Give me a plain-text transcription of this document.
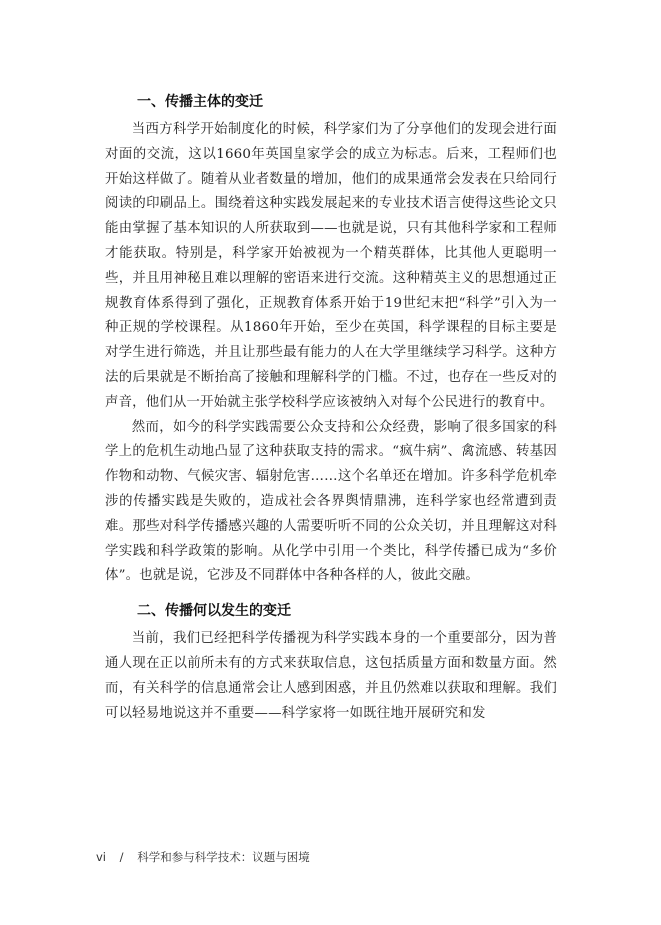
一、传播主体的变迁

当西方科学开始制度化的时候，科学家们为了分享他们的发现会进行面对面的交流，这以1660年英国皇家学会的成立为标志。后来，工程师们也开始这样做了。随着从业者数量的增加，他们的成果通常会发表在只给同行阅读的印刷品上。围绕着这种实践发展起来的专业技术语言使得这些论文只能由掌握了基本知识的人所获取到——也就是说，只有其他科学家和工程师才能获取。特别是，科学家开始被视为一个精英群体，比其他人更聪明一些，并且用神秘且难以理解的密语来进行交流。这种精英主义的思想通过正规教育体系得到了强化，正规教育体系开始于19世纪末把“科学”引入为一种正规的学校课程。从1860年开始，至少在英国，科学课程的目标主要是对学生进行筛选，并且让那些最有能力的人在大学里继续学习科学。这种方法的后果就是不断抬高了接触和理解科学的门槛。不过，也存在一些反对的声音，他们从一开始就主张学校科学应该被纳入对每个公民进行的教育中。

然而，如今的科学实践需要公众支持和公众经费，影响了很多国家的科学上的危机生动地凸显了这种获取支持的需求。“疯牛病”、禽流感、转基因作物和动物、气候灾害、辐射危害……这个名单还在增加。许多科学危机牵涉的传播实践是失败的，造成社会各界舆情鼎沸，连科学家也经常遭到责难。那些对科学传播感兴趣的人需要听听不同的公众关切，并且理解这对科学实践和科学政策的影响。从化学中引用一个类比，科学传播已成为“多价体”。也就是说，它涉及不同群体中各种各样的人，彼此交融。

二、传播何以发生的变迁

当前，我们已经把科学传播视为科学实践本身的一个重要部分，因为普通人现在正以前所未有的方式来获取信息，这包括质量方面和数量方面。然而，有关科学的信息通常会让人感到困惑，并且仍然难以获取和理解。我们可以轻易地说这并不重要——科学家将一如既往地开展研究和发

vi / 科学和参与科学技术：议题与困境
